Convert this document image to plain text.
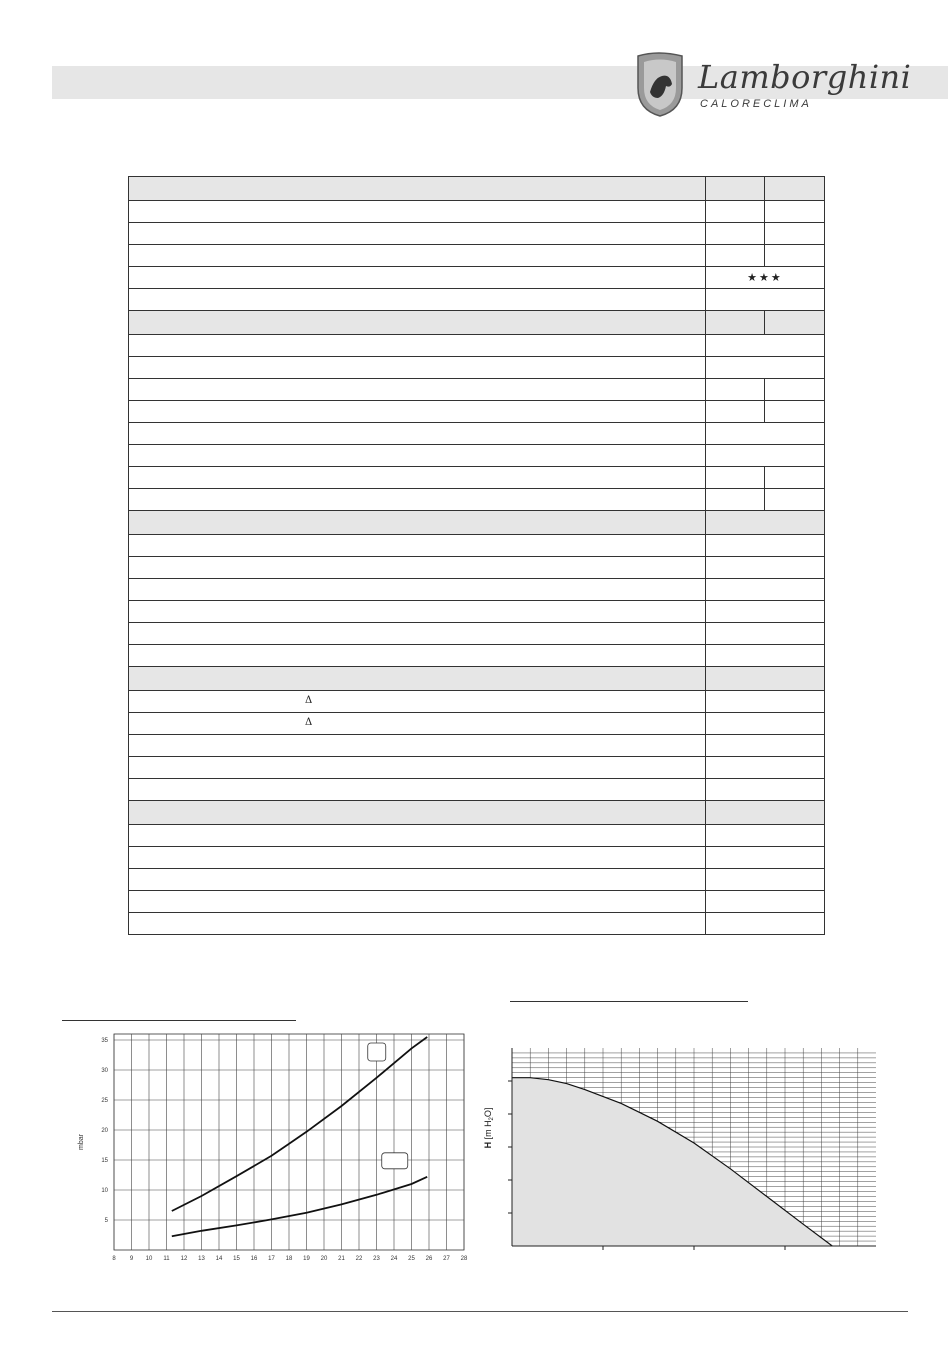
Lamborghini
CALORECLIMA

	★★★	

Δ		

Δ		

8 9 10 11 12 13 14 15 16 17 18 19 20 21 22 23 24 25 26 27 28
5
10
15
20
25
30
35
mbar	H [m $H_2O$]
